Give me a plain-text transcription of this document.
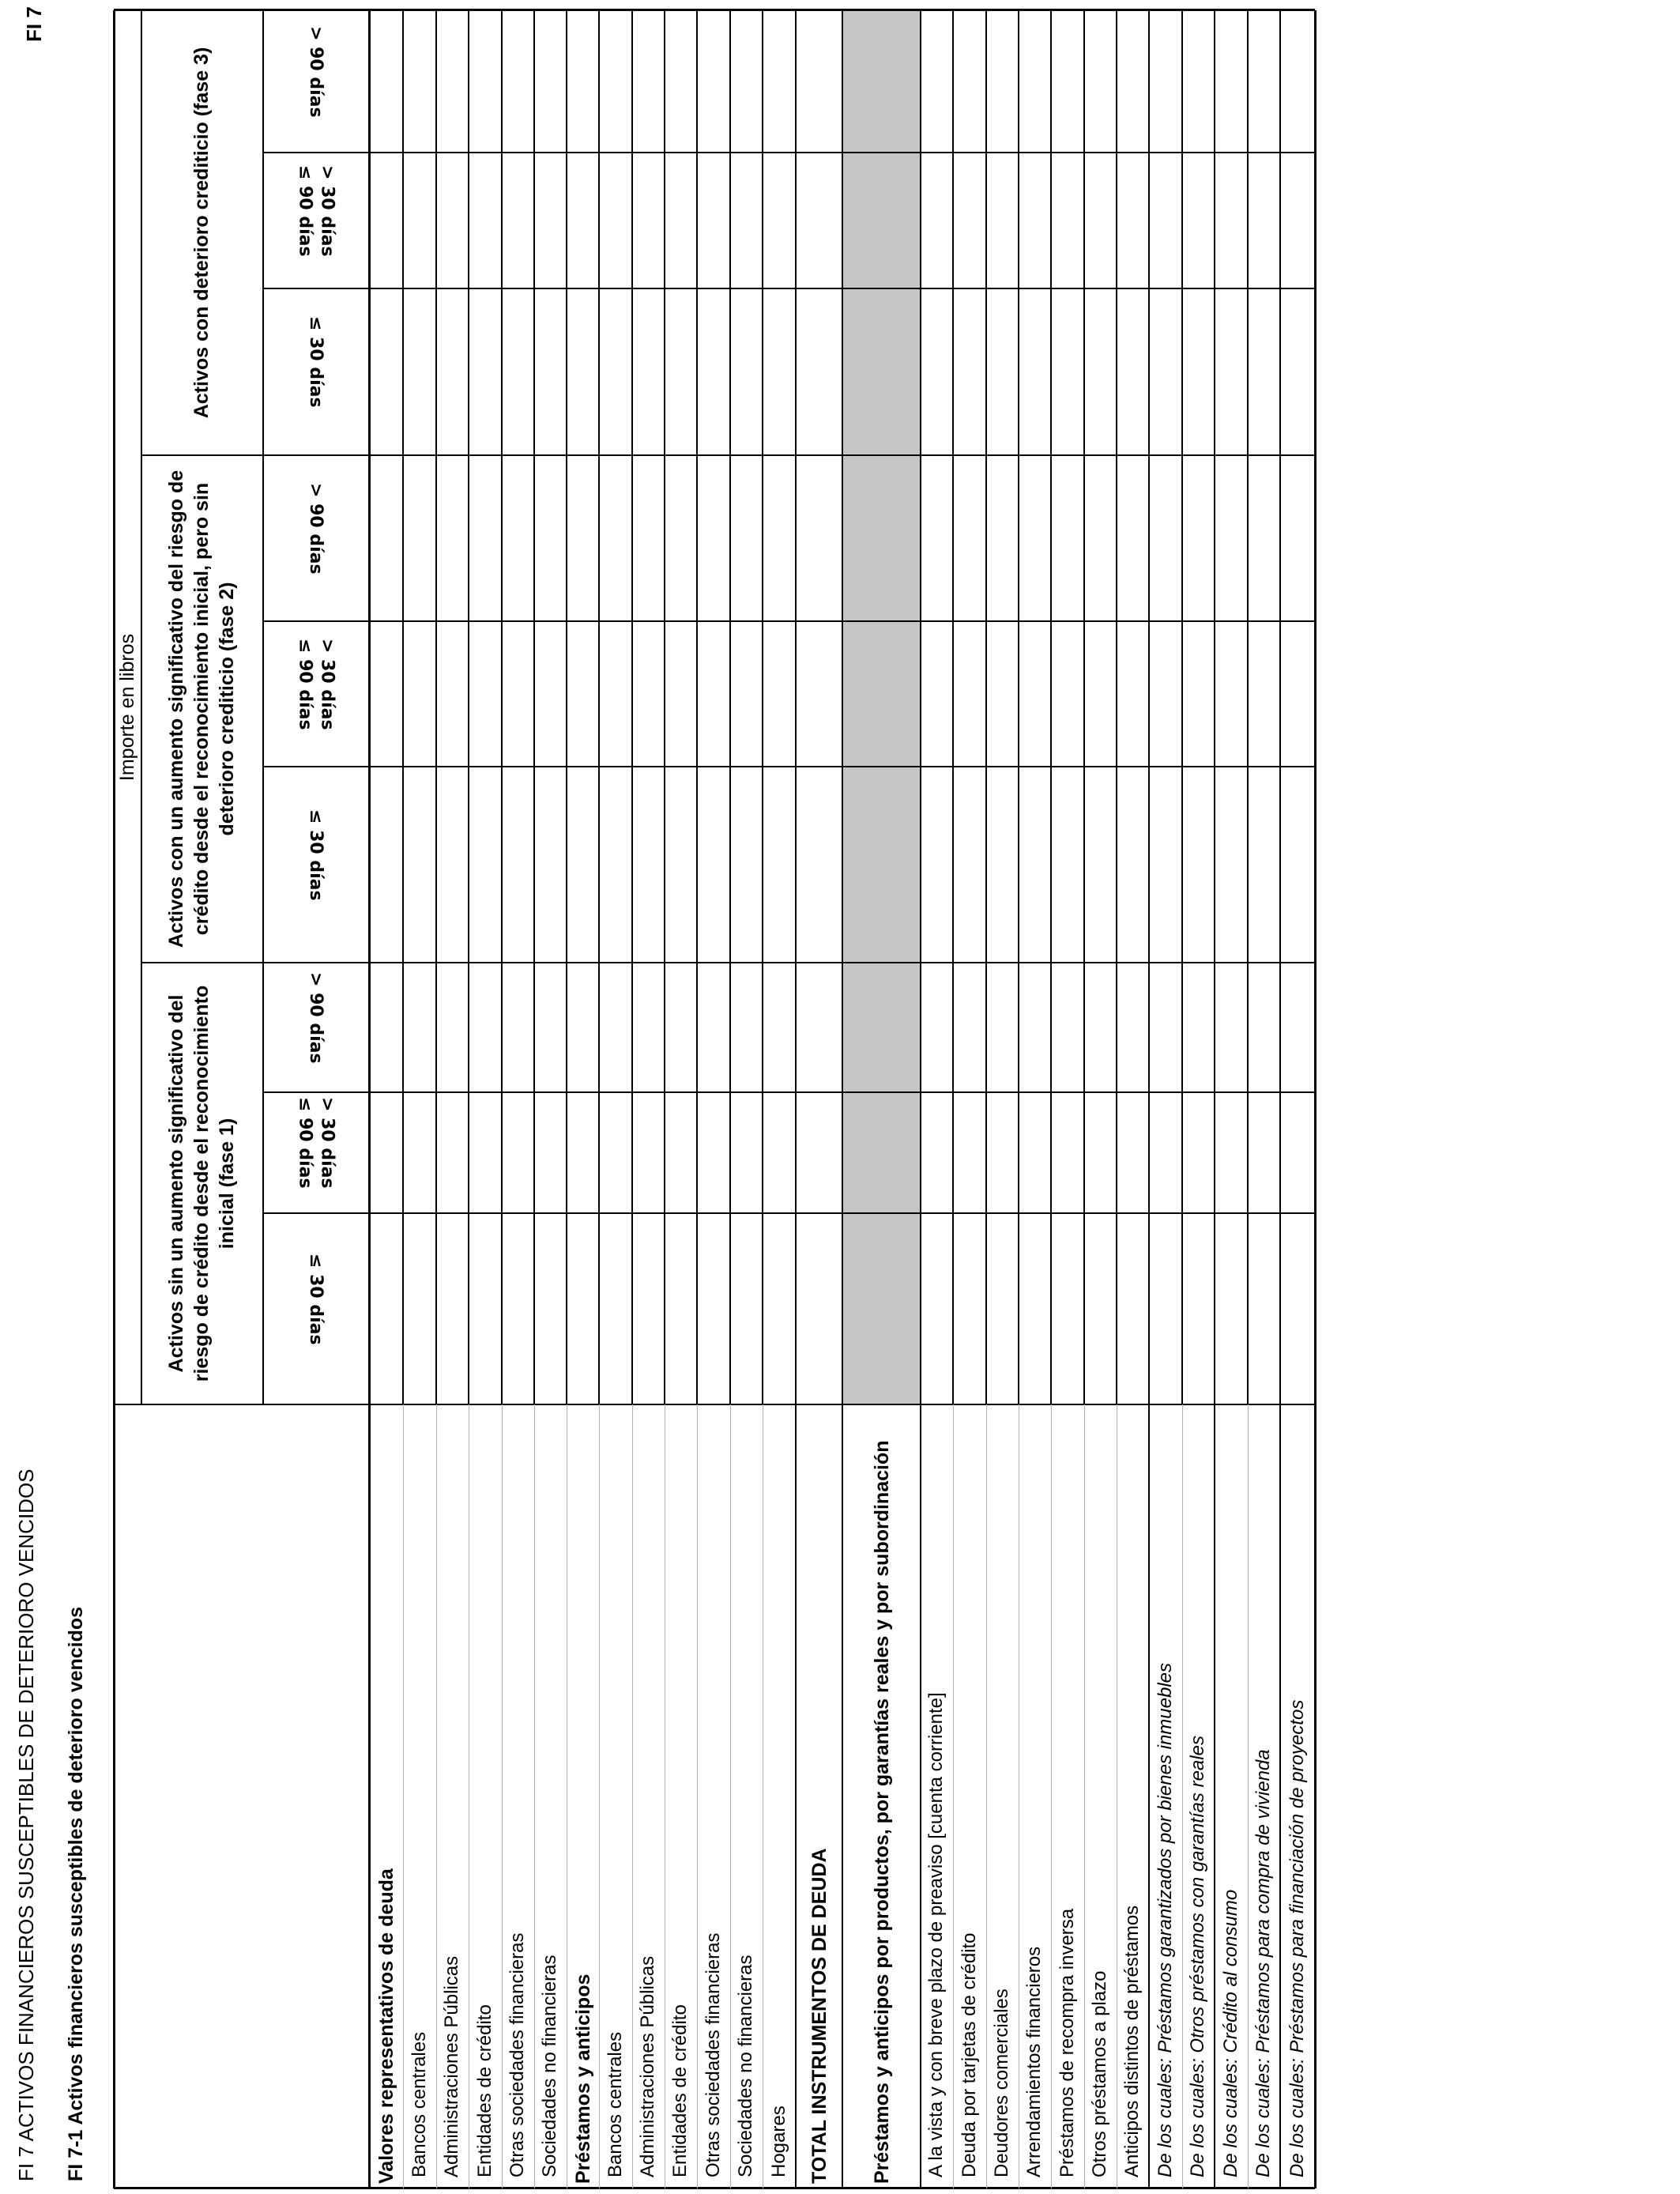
FI 7 ACTIVOS FINANCIEROS SUSCEPTIBLES DE DETERIORO VENCIDOS
FI 7
FI 7-1 Activos financieros susceptibles de deterioro vencidos
Importe en libros
Activos sin un aumento significativo del riesgo de crédito desde el reconocimiento inicial (fase 1)
Activos con un aumento significativo del riesgo de crédito desde el reconocimiento inicial, pero sin deterioro crediticio (fase 2)
Activos con deterioro crediticio (fase 3)
≤ 30 días
> 30 días ≤ 90 días
> 90 días
≤ 30 días
> 30 días ≤ 90 días
> 90 días
≤ 30 días
> 30 días ≤ 90 días
> 90 días
Valores representativos de deuda Bancos centrales Administraciones Públicas Entidades de crédito Otras sociedades financieras Sociedades no financieras Préstamos y anticipos Bancos centrales Administraciones Públicas Entidades de crédito Otras sociedades financieras Sociedades no financieras Hogares TOTAL INSTRUMENTOS DE DEUDA	Préstamos y anticipos por productos, por garantías reales y por subordinación	A la vista y con breve plazo de preaviso [cuenta corriente] Deuda por tarjetas de crédito Deudores comerciales Arrendamientos financieros Préstamos de recompra inversa Otros préstamos a plazo Anticipos distintos de préstamos De los cuales:

Préstamos garantizados por bienes inmuebles
De los cuales:

Otros préstamos con garantías reales
De los cuales:

Crédito al consumo
De los cuales:

Préstamos para compra de vivienda
De los cuales:

Préstamos para financiación de proyectos
